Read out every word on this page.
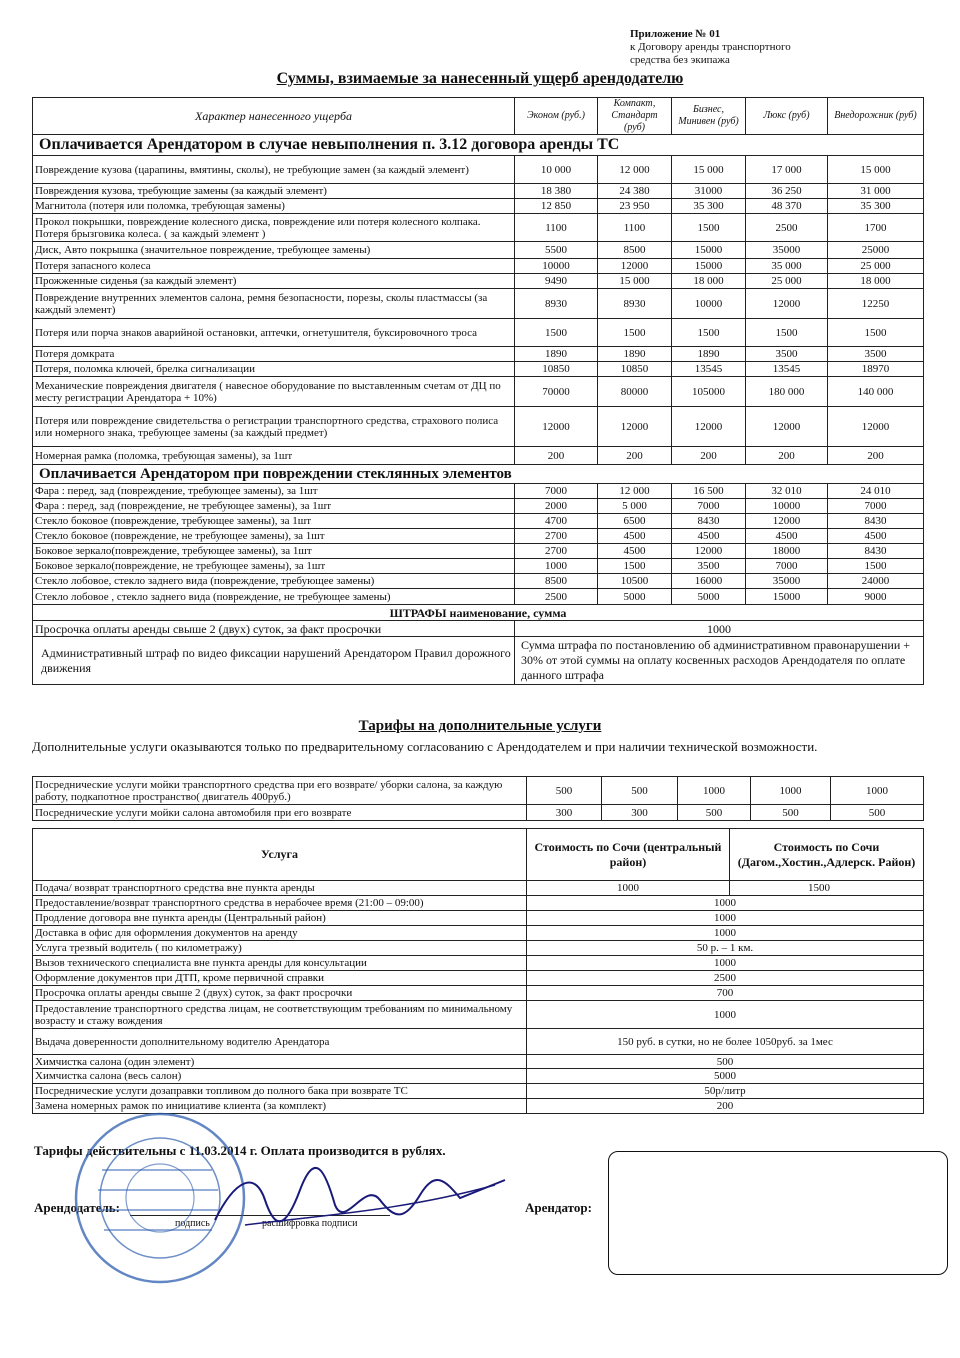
Приложение № 01
к Договору аренды транспортного
средства без экипажа
Суммы, взимаемые за нанесенный ущерб арендодателю
Характер нанесенного ущерба	Эконом (руб.)	Компакт, Стандарт (руб)	Бизнес, Минивен (руб)	Люкс (руб)	Внедорожник (руб)
Оплачивается Арендатором в случае невыполнения п. 3.12 договора аренды ТС					
Повреждение кузова (царапины, вмятины, сколы), не требующие замен (за каждый элемент)	10 000	12 000	15 000	17 000	15 000
Повреждения кузова, требующие замены (за каждый элемент)	18 380	24 380	31000	36 250	31 000
Магнитола (потеря или поломка, требующая замены)	12 850	23 950	35 300	48 370	35 300
Прокол покрышки, повреждение колесного диска, повреждение или потеря колесного колпака. Потеря брызговика колеса. ( за каждый элемент )	1100	1100	1500	2500	1700
Диск, Авто покрышка (значительное повреждение, требующее замены)	5500	8500	15000	35000	25000
Потеря запасного колеса	10000	12000	15000	35 000	25 000
Прожженные сиденья (за каждый элемент)	9490	15 000	18 000	25 000	18 000
Повреждение внутренних элементов салона, ремня безопасности, порезы, сколы пластмассы (за каждый элемент)	8930	8930	10000	12000	12250
Потеря или порча знаков аварийной остановки, аптечки, огнетушителя, буксировочного троса	1500	1500	1500	1500	1500
Потеря домкрата	1890	1890	1890	3500	3500
Потеря, поломка ключей, брелка сигнализации	10850	10850	13545	13545	18970
Механические повреждения двигателя ( навесное оборудование по выставленным счетам от ДЦ по месту регистрации Арендатора + 10%)	70000	80000	105000	180 000	140 000
Потеря или повреждение свидетельства о регистрации транспортного средства, страхового полиса или номерного знака, требующее замены (за каждый предмет)	12000	12000	12000	12000	12000
Номерная рамка (поломка, требующая замены), за 1шт	200	200	200	200	200
Оплачивается Арендатором при повреждении стеклянных элементов					
Фара : перед, зад (повреждение, требующее замены), за 1шт	7000	12 000	16 500	32 010	24 010
Фара : перед, зад (повреждение, не требующее замены), за 1шт	2000	5 000	7000	10000	7000
Стекло боковое (повреждение, требующее замены), за 1шт	4700	6500	8430	12000	8430
Стекло боковое (повреждение, не требующее замены), за 1шт	2700	4500	4500	4500	4500
Боковое зеркало(повреждение, требующее замены), за 1шт	2700	4500	12000	18000	8430
Боковое зеркало(повреждение, не требующее замены), за 1шт	1000	1500	3500	7000	1500
Стекло лобовое, стекло заднего вида (повреждение, требующее замены)	8500	10500	16000	35000	24000
Стекло лобовое , стекло заднего вида (повреждение, не требующее замены)	2500	5000	5000	15000	9000
ШТРАФЫ наименование, сумма					
Просрочка оплаты аренды свыше 2 (двух) суток, за факт просрочки	1000				
Административный штраф по видео фиксации нарушений Арендатором Правил дорожного движения	Сумма штрафа по постановлению об административном правонарушении + 30% от этой суммы на оплату косвенных расходов Арендодателя по оплате данного штрафа				
Тарифы на дополнительные услуги
Дополнительные услуги оказываются только по предварительному согласованию с Арендодателем и при наличии технической возможности.
Посреднические услуги мойки транспортного средства при его возврате/ уборки салона, за каждую работу, подкапотное пространство( двигатель 400руб.)	500	500	1000	1000	1000
Посреднические услуги мойки салона автомобиля при его возврате	300	300	500	500	500
Услуга	Стоимость по Сочи (центральный район)	Стоимость по Сочи (Дагом.,Хостин.,Адлерск. Район)
Подача/ возврат транспортного средства вне пункта аренды	1000	1500
Предоставление/возврат транспортного средства в нерабочее время (21:00 – 09:00)	1000	
Продление договора вне пункта аренды (Центральный район)	1000	
Доставка в офис для оформления документов на аренду	1000	
Услуга трезвый водитель ( по километражу)	50 р. – 1 км.	
Вызов технического специалиста вне пункта аренды для консультации	1000	
Оформление документов при ДТП, кроме первичной справки	2500	
Просрочка оплаты аренды свыше 2 (двух) суток, за факт просрочки	700	
Предоставление транспортного средства лицам, не соответствующим требованиям по минимальному возрасту и стажу вождения	1000	
Выдача доверенности дополнительному водителю Арендатора	150 руб. в сутки, но не более 1050руб. за 1мес	
Химчистка салона (один элемент)	500	
Химчистка салона (весь салон)	5000	
Посреднические услуги дозаправки топливом до полного бака при возврате ТС	50р/литр	
Замена номерных рамок по инициативе клиента (за комплект)	200	
Тарифы действительны с 11.03.2014 г. Оплата производится в рублях.
Арендодатель:
подпись	расшифровка подписи
Арендатор:
